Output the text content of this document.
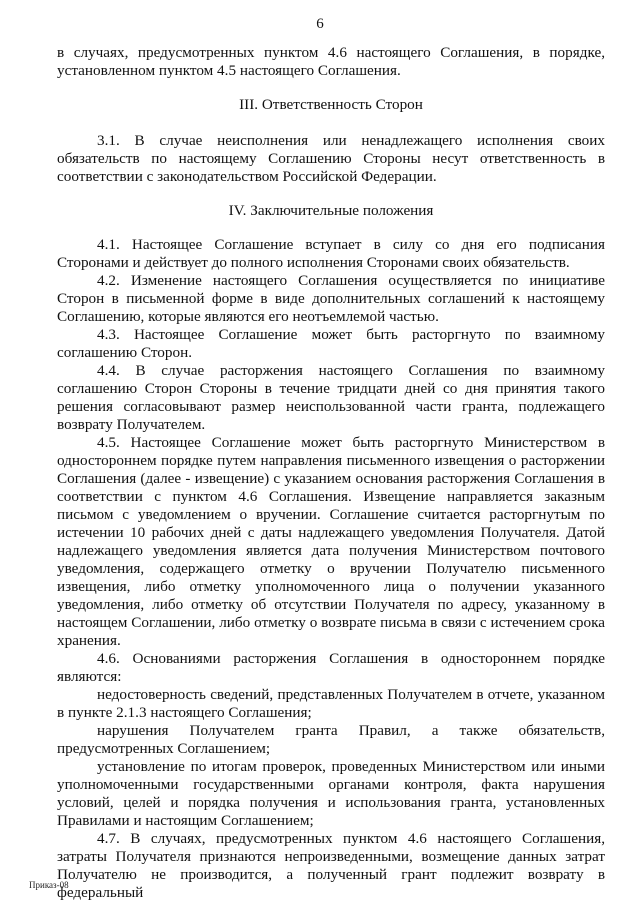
6

в случаях, предусмотренных пунктом 4.6 настоящего Соглашения, в порядке, установленном пунктом 4.5 настоящего Соглашения.

III. Ответственность Сторон

3.1. В случае неисполнения или ненадлежащего исполнения своих обязательств по настоящему Соглашению Стороны несут ответственность в соответствии с законодательством Российской Федерации.

IV. Заключительные положения

4.1. Настоящее Соглашение вступает в силу со дня его подписания Сторонами и действует до полного исполнения Сторонами своих обязательств.

4.2. Изменение настоящего Соглашения осуществляется по инициативе Сторон в письменной форме в виде дополнительных соглашений к настоящему Соглашению, которые являются его неотъемлемой частью.

4.3. Настоящее Соглашение может быть расторгнуто по взаимному соглашению Сторон.

4.4. В случае расторжения настоящего Соглашения по взаимному соглашению Сторон Стороны в течение тридцати дней со дня принятия такого решения согласовывают размер неиспользованной части гранта, подлежащего возврату Получателем.

4.5. Настоящее Соглашение может быть расторгнуто Министерством в одностороннем порядке путем направления письменного извещения о расторжении Соглашения (далее - извещение) с указанием основания расторжения Соглашения в соответствии с пунктом 4.6 Соглашения. Извещение направляется заказным письмом с уведомлением о вручении. Соглашение считается расторгнутым по истечении 10 рабочих дней с даты надлежащего уведомления Получателя. Датой надлежащего уведомления является дата получения Министерством почтового уведомления, содержащего отметку о вручении Получателю письменного извещения, либо отметку уполномоченного лица о получении указанного уведомления, либо отметку об отсутствии Получателя по адресу, указанному в настоящем Соглашении, либо отметку о возврате письма в связи с истечением срока хранения.

4.6. Основаниями расторжения Соглашения в одностороннем порядке являются:

недостоверность сведений, представленных Получателем в отчете, указанном в пункте 2.1.3 настоящего Соглашения;

нарушения Получателем гранта Правил, а также обязательств, предусмотренных Соглашением;

установление по итогам проверок, проведенных Министерством или иными уполномоченными государственными органами контроля, факта нарушения условий, целей и порядка получения и использования гранта, установленных Правилами и настоящим Соглашением;

4.7. В случаях, предусмотренных пунктом 4.6 настоящего Соглашения, затраты Получателя признаются непроизведенными, возмещение данных затрат Получателю не производится, а полученный грант подлежит возврату в федеральный

Приказ-08
